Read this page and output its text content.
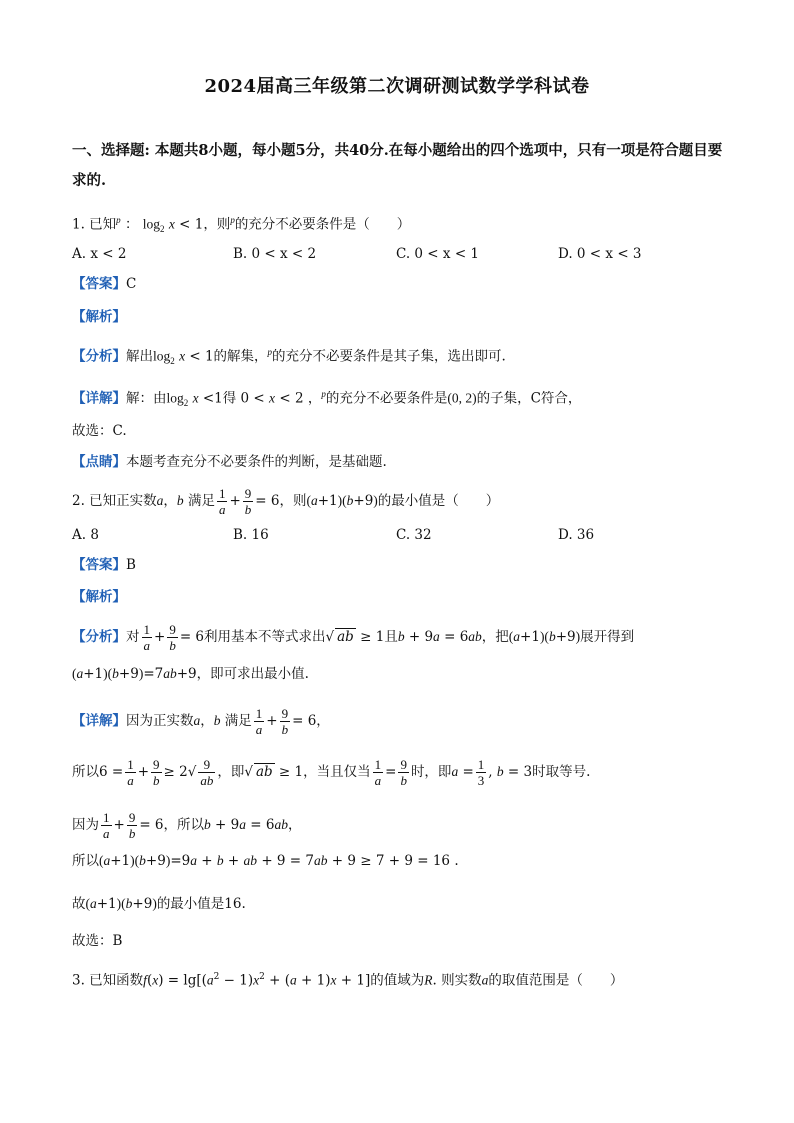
2024届高三年级第二次调研测试数学学科试卷
一、选择题: 本题共8小题，每小题5分，共40分.在每小题给出的四个选项中，只有一项是符合题目要求的.
1. 已知$^p$ ： $\log_2 x < 1$，则$^p$的充分不必要条件是（　　）
A. x < 2	B. 0 < x < 2	C. 0 < x < 1	D. 0 < x < 3
【答案】C
【解析】
【分析】解出$\log_2 x < 1$的解集，$^p$的充分不必要条件是其子集，选出即可.
【详解】解：由$\log_2 x <1$得 0 < x < 2 ，$^p$的充分不必要条件是(0, 2)的子集，C符合，
故选：C.
【点睛】本题考查充分不必要条件的判断，是基础题.
2. 已知正实数a，b 满足 $\frac{1}{a} + \frac{9}{b} = 6$，则(a+1)(b+9)的最小值是（　　）
A. 8	B. 16	C. 32	D. 36
【答案】B
【解析】
【分析】对 $\frac{1}{a} + \frac{9}{b} = 6$利用基本不等式求出√ ab ≥ 1且b + 9a = 6ab，把(a+1)(b+9)展开得到
(a+1)(b+9)=7ab+9，即可求出最小值.
【详解】因为正实数a，b 满足 $\frac{1}{a} + \frac{9}{b} = 6$，
所以$6 = \frac{1}{a} + \frac{9}{b} \ge 2√ \frac{9}{ab}$ ，即√ ab ≥ 1，当且仅当 $\frac{1}{a} = \frac{9}{b}$ 时，即$a = \frac{1}{3}$ , b = 3时取等号.
因为 $\frac{1}{a} + \frac{9}{b} = 6$，所以b + 9a = 6ab，
所以(a+1)(b+9)=9a + b + ab + 9 = 7ab + 9 ≥ 7 + 9 = 16 .
故(a+1)(b+9)的最小值是16.
故选：B
3. 已知函数$f(x) = \lg[(a^2 - 1)x^2 + (a + 1)x + 1]$的值域为R. 则实数a的取值范围是（　　）
